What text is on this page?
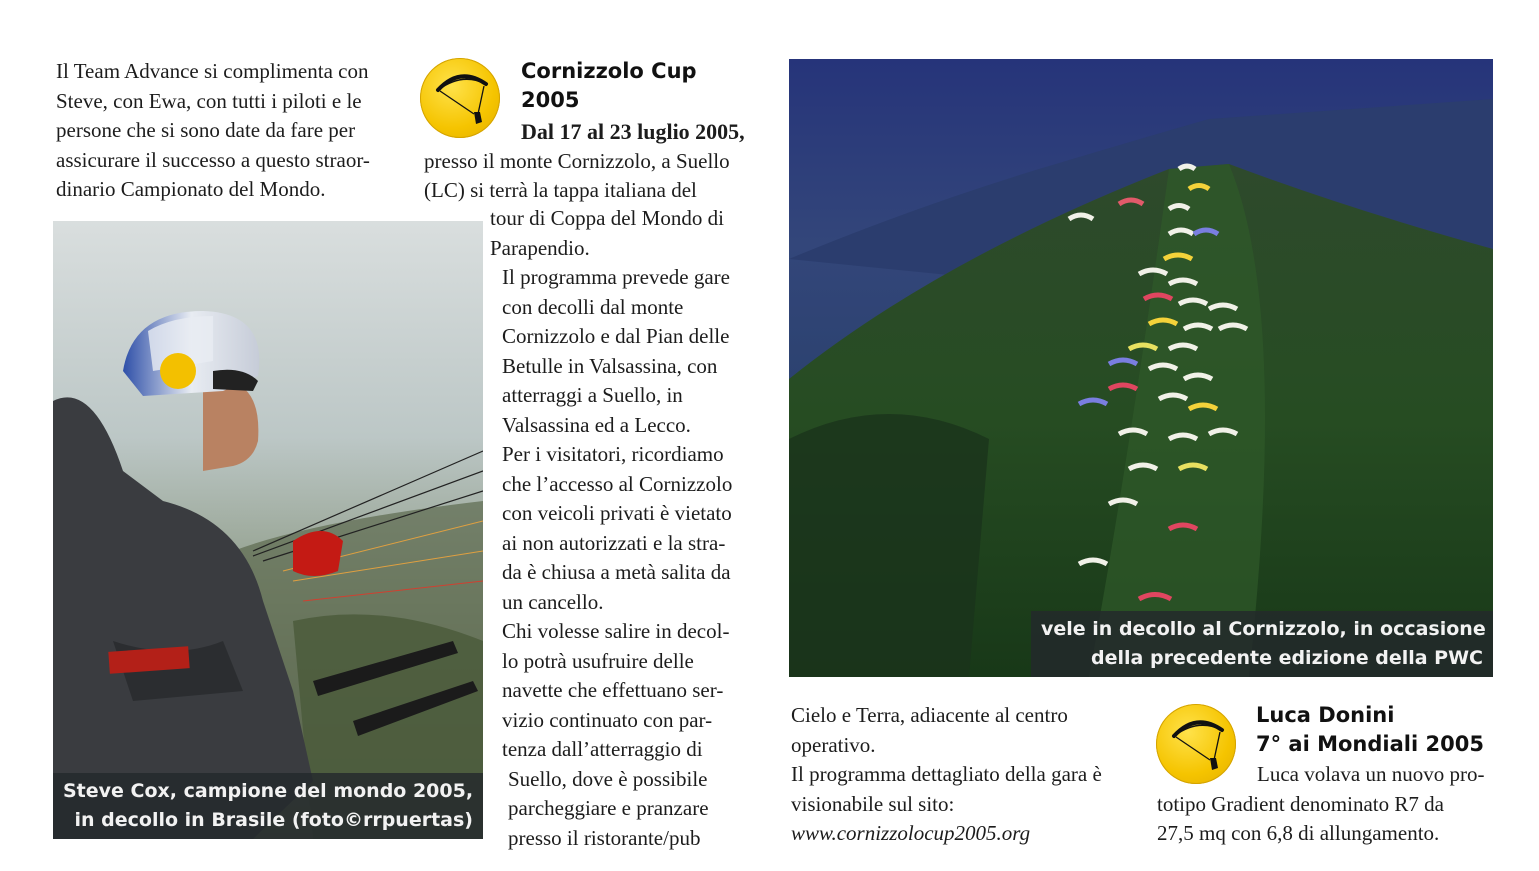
Il Team Advance si complimenta con
Steve, con Ewa, con tutti i piloti e le
persone che si sono date da fare per
assicurare il successo a questo straor-
dinario Campionato del Mondo.
Cornizzolo Cup
2005
Dal 17 al 23 luglio 2005,
presso il monte Cornizzolo, a Suello
(LC) si terrà la tappa italiana del
tour di Coppa del Mondo di
Parapendio.
Il programma prevede gare
con decolli dal monte
Cornizzolo e dal Pian delle
Betulle in Valsassina, con
atterraggi a Suello, in
Valsassina ed a Lecco.
Per i visitatori, ricordiamo
che l’accesso al Cornizzolo
con veicoli privati è vietato
ai non autorizzati e la stra-
da è chiusa a metà salita da
un cancello.
Chi volesse salire in decol-
lo potrà usufruire delle
navette che effettuano ser-
vizio continuato con par-
tenza dall’atterraggio di
Suello, dove è possibile
parcheggiare e pranzare
presso il ristorante/pub
Steve Cox, campione del mondo 2005,
in decollo in Brasile (foto©rrpuertas)
vele in decollo al Cornizzolo, in occasione
della precedente edizione della PWC
Cielo e Terra, adiacente al centro
operativo.
Il programma dettagliato della gara è
visionabile sul sito:
www.cornizzolocup2005.org
Luca Donini
7° ai Mondiali 2005
Luca volava un nuovo pro-
totipo Gradient denominato R7 da
27,5 mq con 6,8 di allungamento.
